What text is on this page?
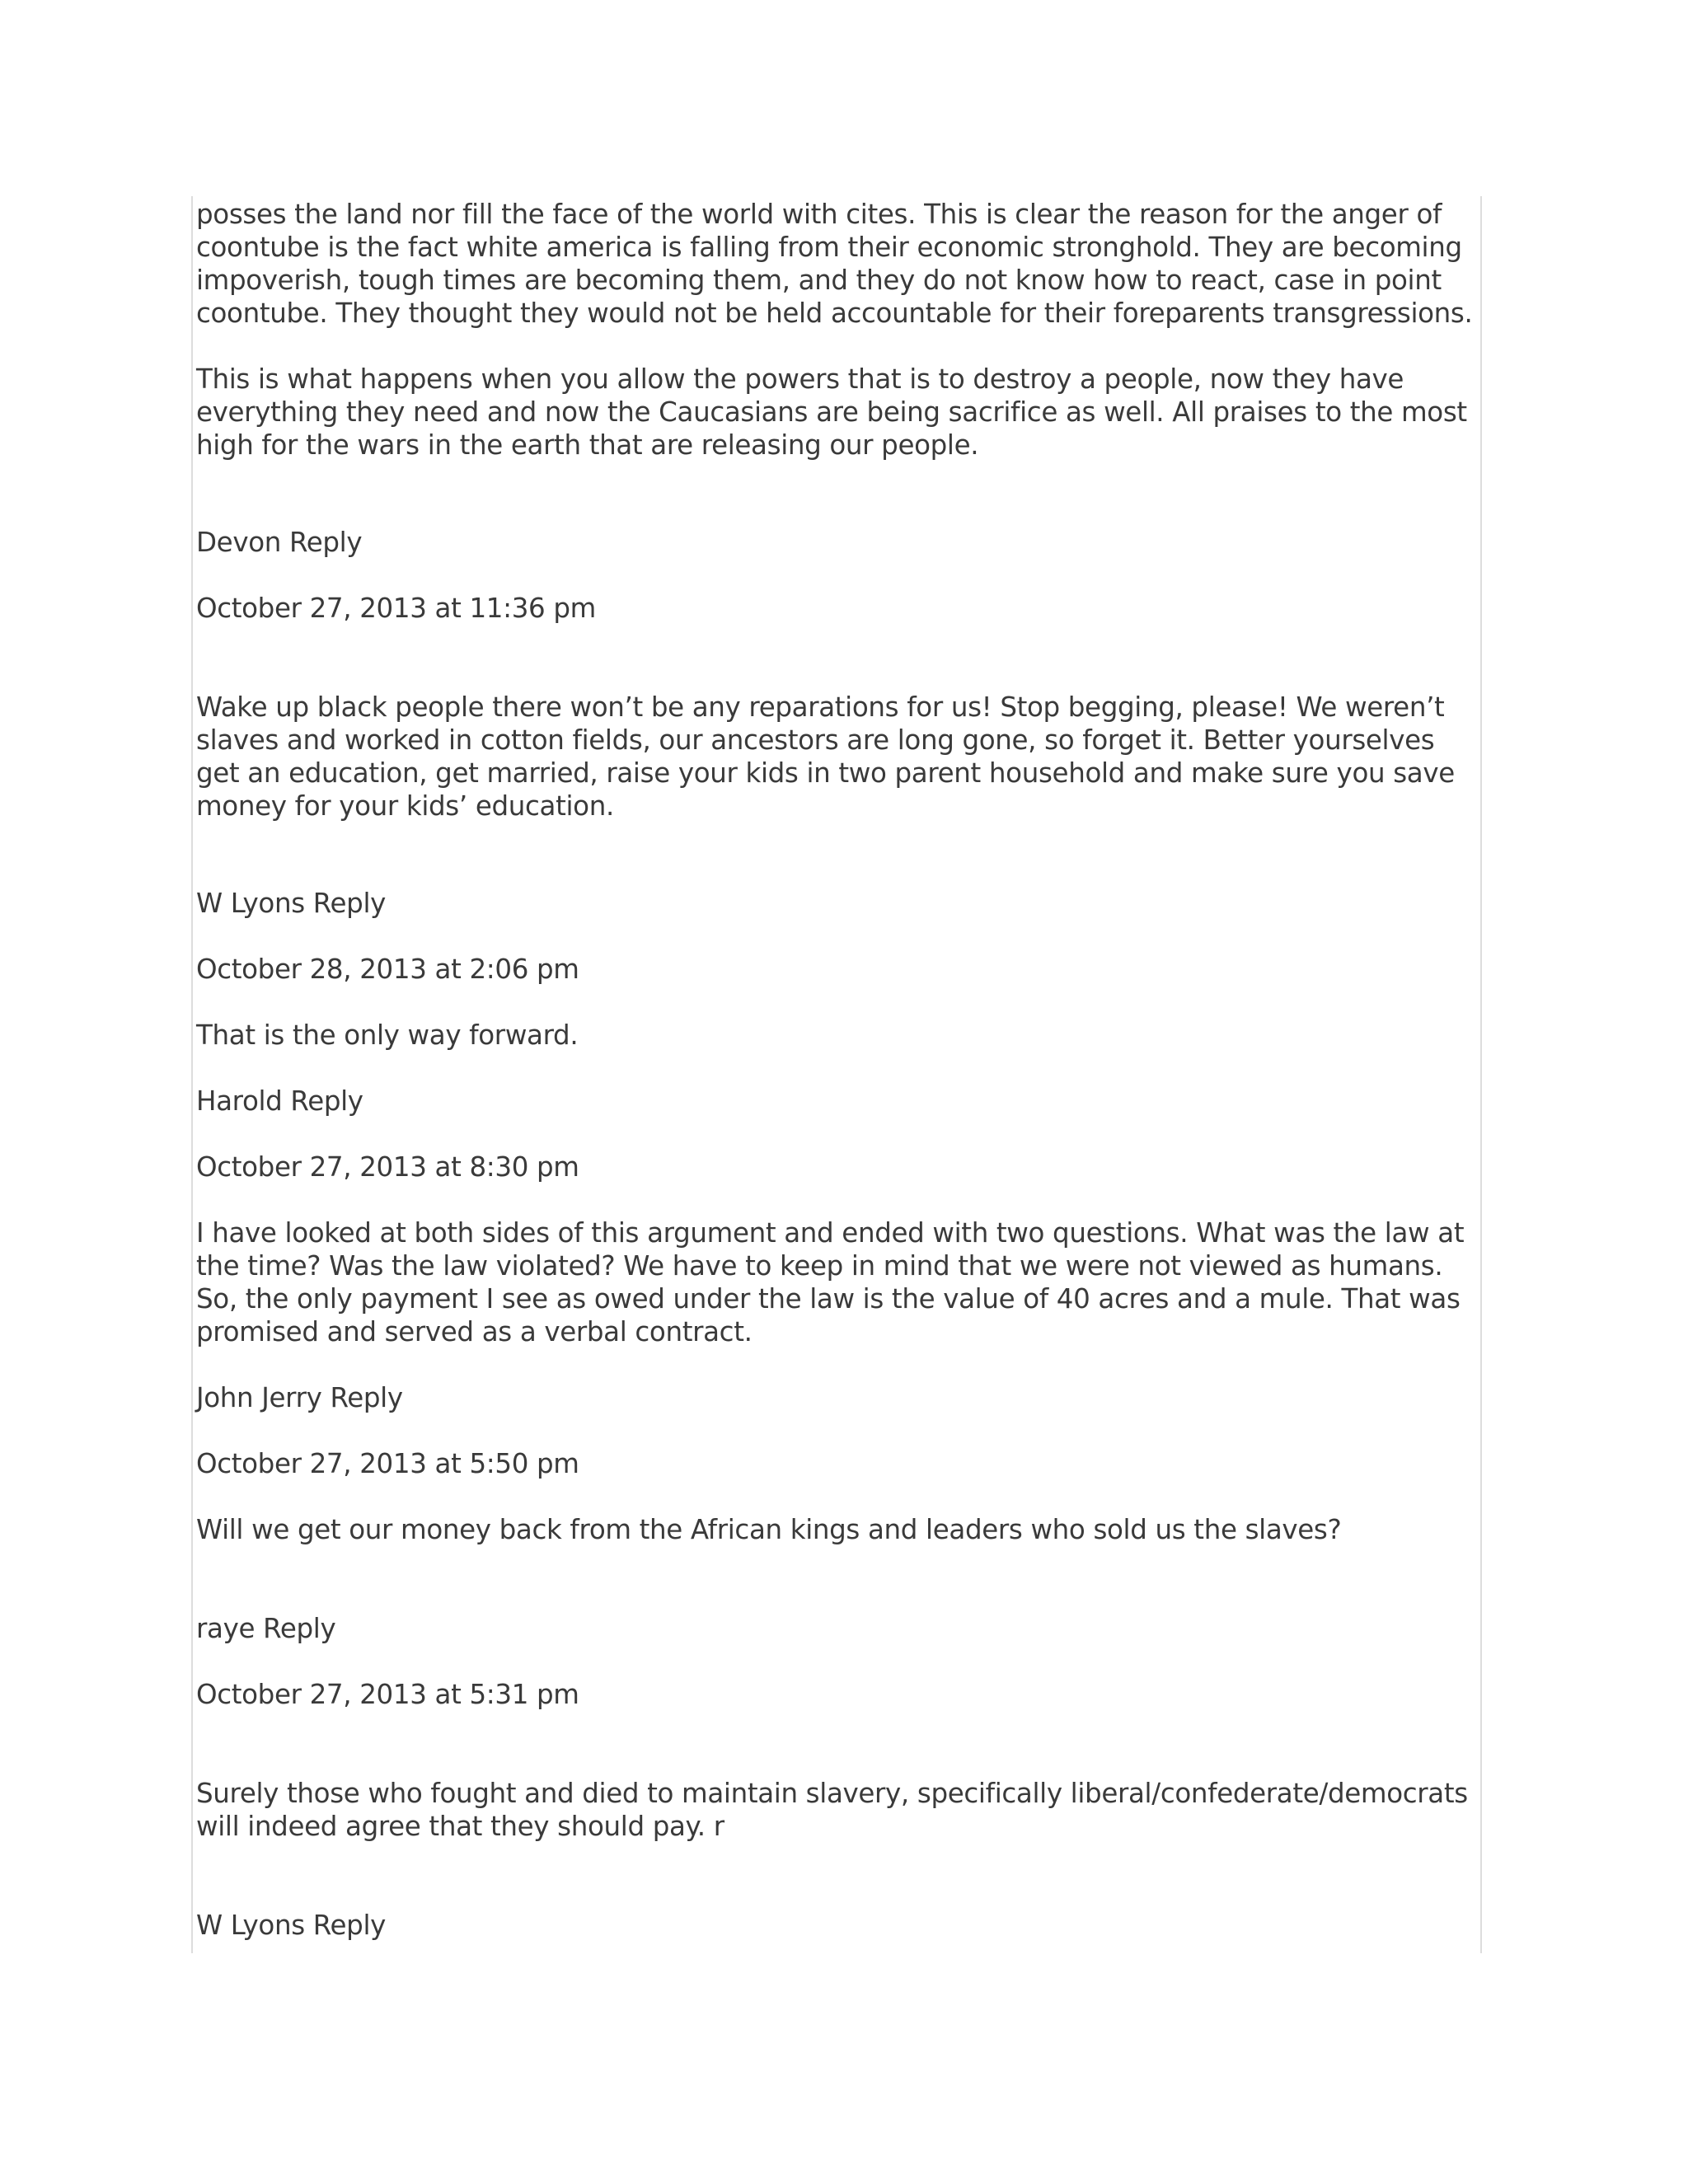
posses the land nor fill the face of the world with cites. This is clear the reason for the anger of coontube is the fact white america is falling from their economic stronghold. They are becoming impoverish, tough times are becoming them, and they do not know how to react, case in point coontube. They thought they would not be held accountable for their foreparents transgressions.

This is what happens when you allow the powers that is to destroy a people, now they have everything they need and now the Caucasians are being sacrifice as well. All praises to the most high for the wars in the earth that are releasing our people.

Devon Reply

October 27, 2013 at 11:36 pm

Wake up black people there won’t be any reparations for us! Stop begging, please! We weren’t slaves and worked in cotton fields, our ancestors are long gone, so forget it. Better yourselves get an education, get married, raise your kids in two parent household and make sure you save money for your kids’ education.

W Lyons Reply

October 28, 2013 at 2:06 pm

That is the only way forward.

Harold Reply

October 27, 2013 at 8:30 pm

I have looked at both sides of this argument and ended with two questions. What was the law at the time? Was the law violated? We have to keep in mind that we were not viewed as humans. So, the only payment I see as owed under the law is the value of 40 acres and a mule. That was promised and served as a verbal contract.

John Jerry Reply

October 27, 2013 at 5:50 pm

Will we get our money back from the African kings and leaders who sold us the slaves?

raye Reply

October 27, 2013 at 5:31 pm

Surely those who fought and died to maintain slavery, specifically liberal/confederate/democrats will indeed agree that they should pay. r

W Lyons Reply
